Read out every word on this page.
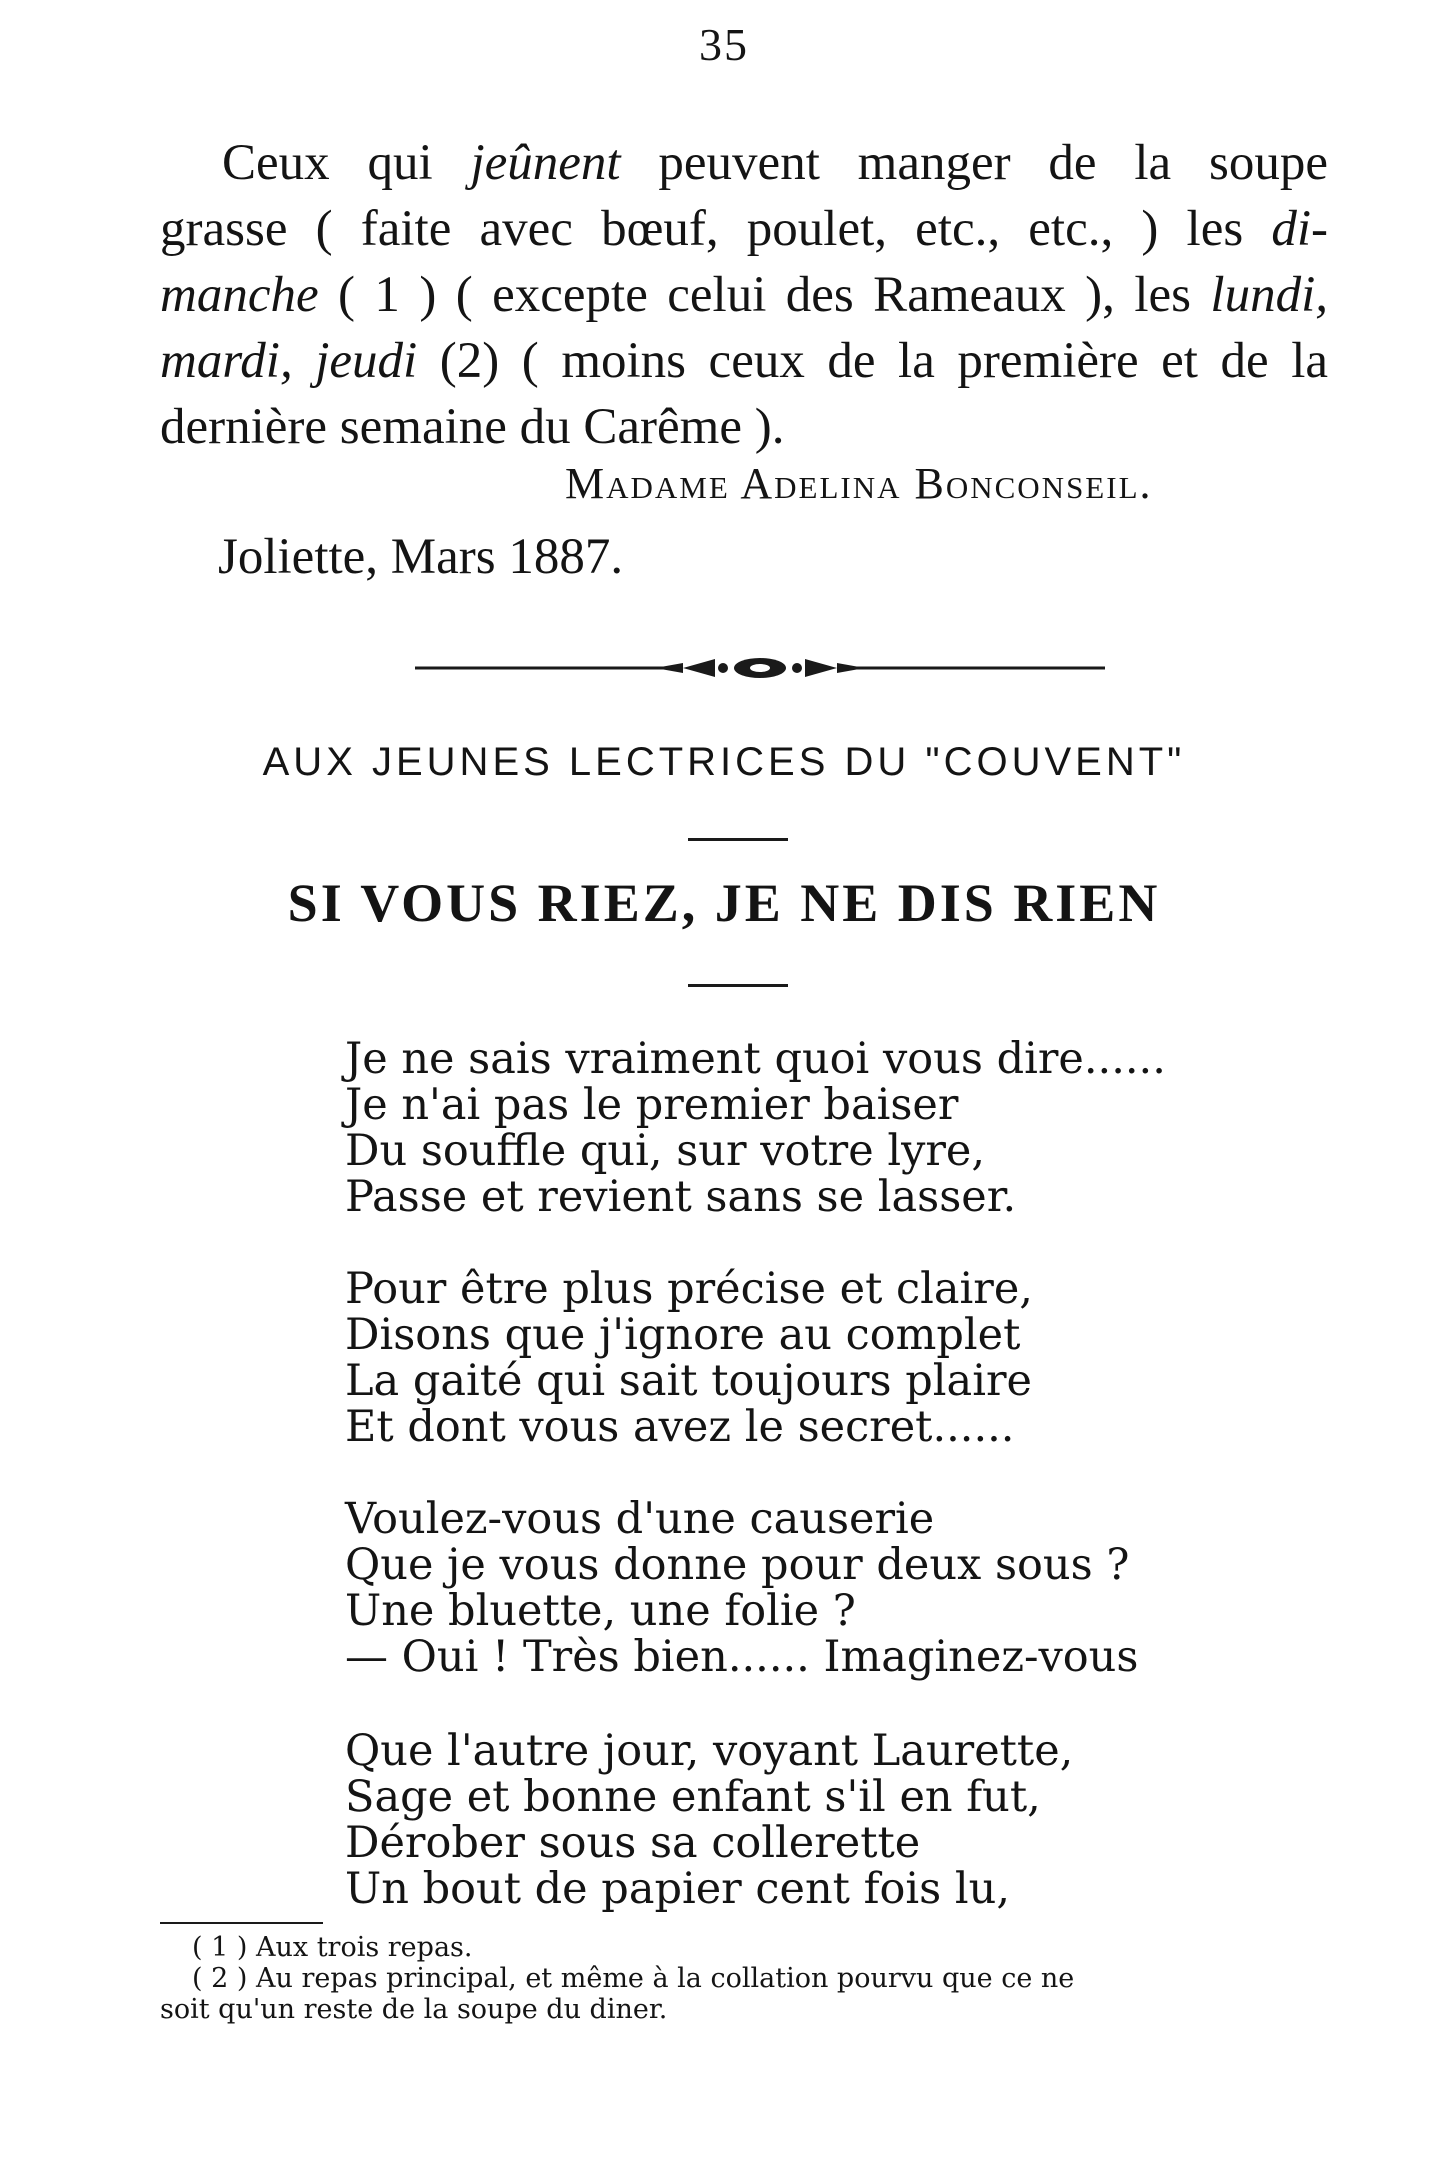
35
Ceux qui jeûnent peuvent manger de la soupe
grasse ( faite avec bœuf, poulet, etc., etc., ) les di-
manche ( 1 ) ( excepte celui des Rameaux ), les lundi,
mardi, jeudi (2) ( moins ceux de la première et de la
dernière semaine du Carême ).
Madame Adelina Bonconseil.
Joliette, Mars 1887.
AUX JEUNES LECTRICES DU "COUVENT"
SI VOUS RIEZ, JE NE DIS RIEN
Je ne sais vraiment quoi vous dire......
Je n'ai pas le premier baiser
Du souffle qui, sur votre lyre,
Passe et revient sans se lasser.
Pour être plus précise et claire,
Disons que j'ignore au complet
La gaité qui sait toujours plaire
Et dont vous avez le secret......
Voulez-vous d'une causerie
Que je vous donne pour deux sous ?
Une bluette, une folie ?
— Oui ! Très bien...... Imaginez-vous
Que l'autre jour, voyant Laurette,
Sage et bonne enfant s'il en fut,
Dérober sous sa collerette
Un bout de papier cent fois lu,
( 1 ) Aux trois repas.
( 2 ) Au repas principal, et même à la collation pourvu que ce ne
soit qu'un reste de la soupe du diner.
